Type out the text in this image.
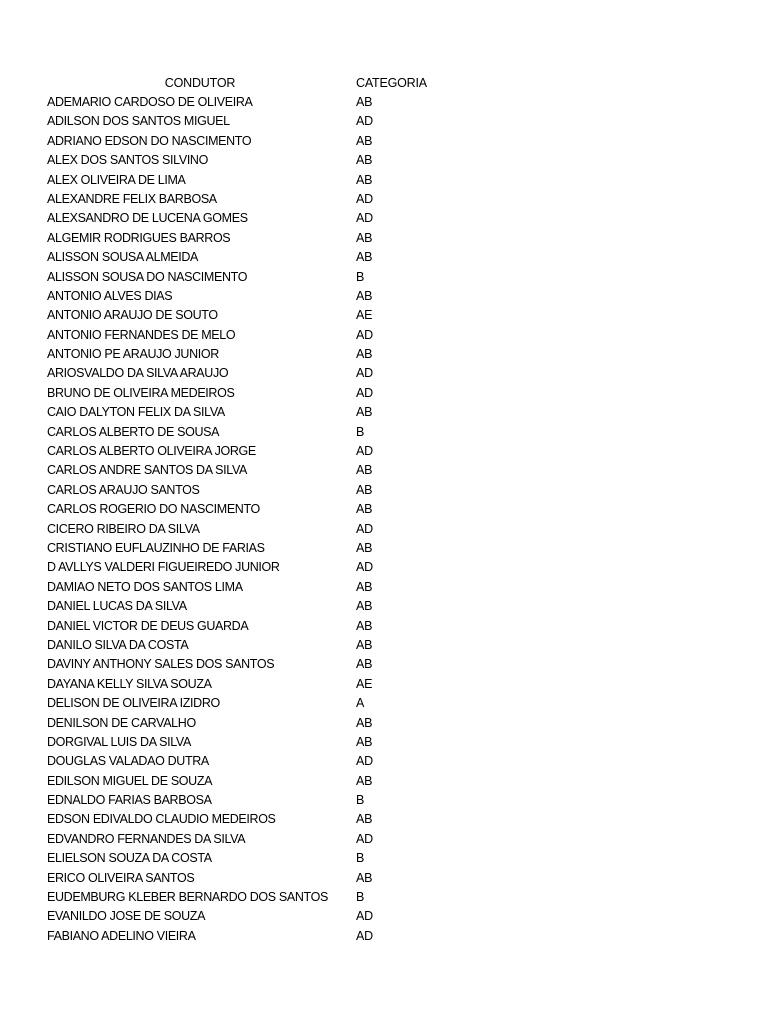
CONDUTOR	CATEGORIA
ADEMARIO CARDOSO DE OLIVEIRA	AB
ADILSON DOS SANTOS MIGUEL	AD
ADRIANO EDSON DO NASCIMENTO	AB
ALEX DOS SANTOS SILVINO	AB
ALEX OLIVEIRA DE LIMA	AB
ALEXANDRE FELIX BARBOSA	AD
ALEXSANDRO DE LUCENA GOMES	AD
ALGEMIR RODRIGUES BARROS	AB
ALISSON SOUSA ALMEIDA	AB
ALISSON SOUSA DO NASCIMENTO	B
ANTONIO ALVES DIAS	AB
ANTONIO ARAUJO DE SOUTO	AE
ANTONIO FERNANDES DE MELO	AD
ANTONIO PE ARAUJO JUNIOR	AB
ARIOSVALDO DA SILVA ARAUJO	AD
BRUNO DE OLIVEIRA MEDEIROS	AD
CAIO DALYTON FELIX DA SILVA	AB
CARLOS ALBERTO DE SOUSA	B
CARLOS ALBERTO OLIVEIRA JORGE	AD
CARLOS ANDRE SANTOS DA SILVA	AB
CARLOS ARAUJO SANTOS	AB
CARLOS ROGERIO DO NASCIMENTO	AB
CICERO RIBEIRO DA SILVA	AD
CRISTIANO EUFLAUZINHO DE FARIAS	AB
D AVLLYS VALDERI FIGUEIREDO JUNIOR	AD
DAMIAO NETO DOS SANTOS LIMA	AB
DANIEL LUCAS DA SILVA	AB
DANIEL VICTOR DE DEUS GUARDA	AB
DANILO SILVA DA COSTA	AB
DAVINY ANTHONY SALES DOS SANTOS	AB
DAYANA KELLY SILVA SOUZA	AE
DELISON DE OLIVEIRA IZIDRO	A
DENILSON DE CARVALHO	AB
DORGIVAL LUIS DA SILVA	AB
DOUGLAS VALADAO DUTRA	AD
EDILSON MIGUEL DE SOUZA	AB
EDNALDO FARIAS BARBOSA	B
EDSON EDIVALDO CLAUDIO MEDEIROS	AB
EDVANDRO FERNANDES DA SILVA	AD
ELIELSON SOUZA DA COSTA	B
ERICO OLIVEIRA SANTOS	AB
EUDEMBURG KLEBER BERNARDO DOS SANTOS B
EVANILDO JOSE DE SOUZA	AD
FABIANO ADELINO VIEIRA	AD
